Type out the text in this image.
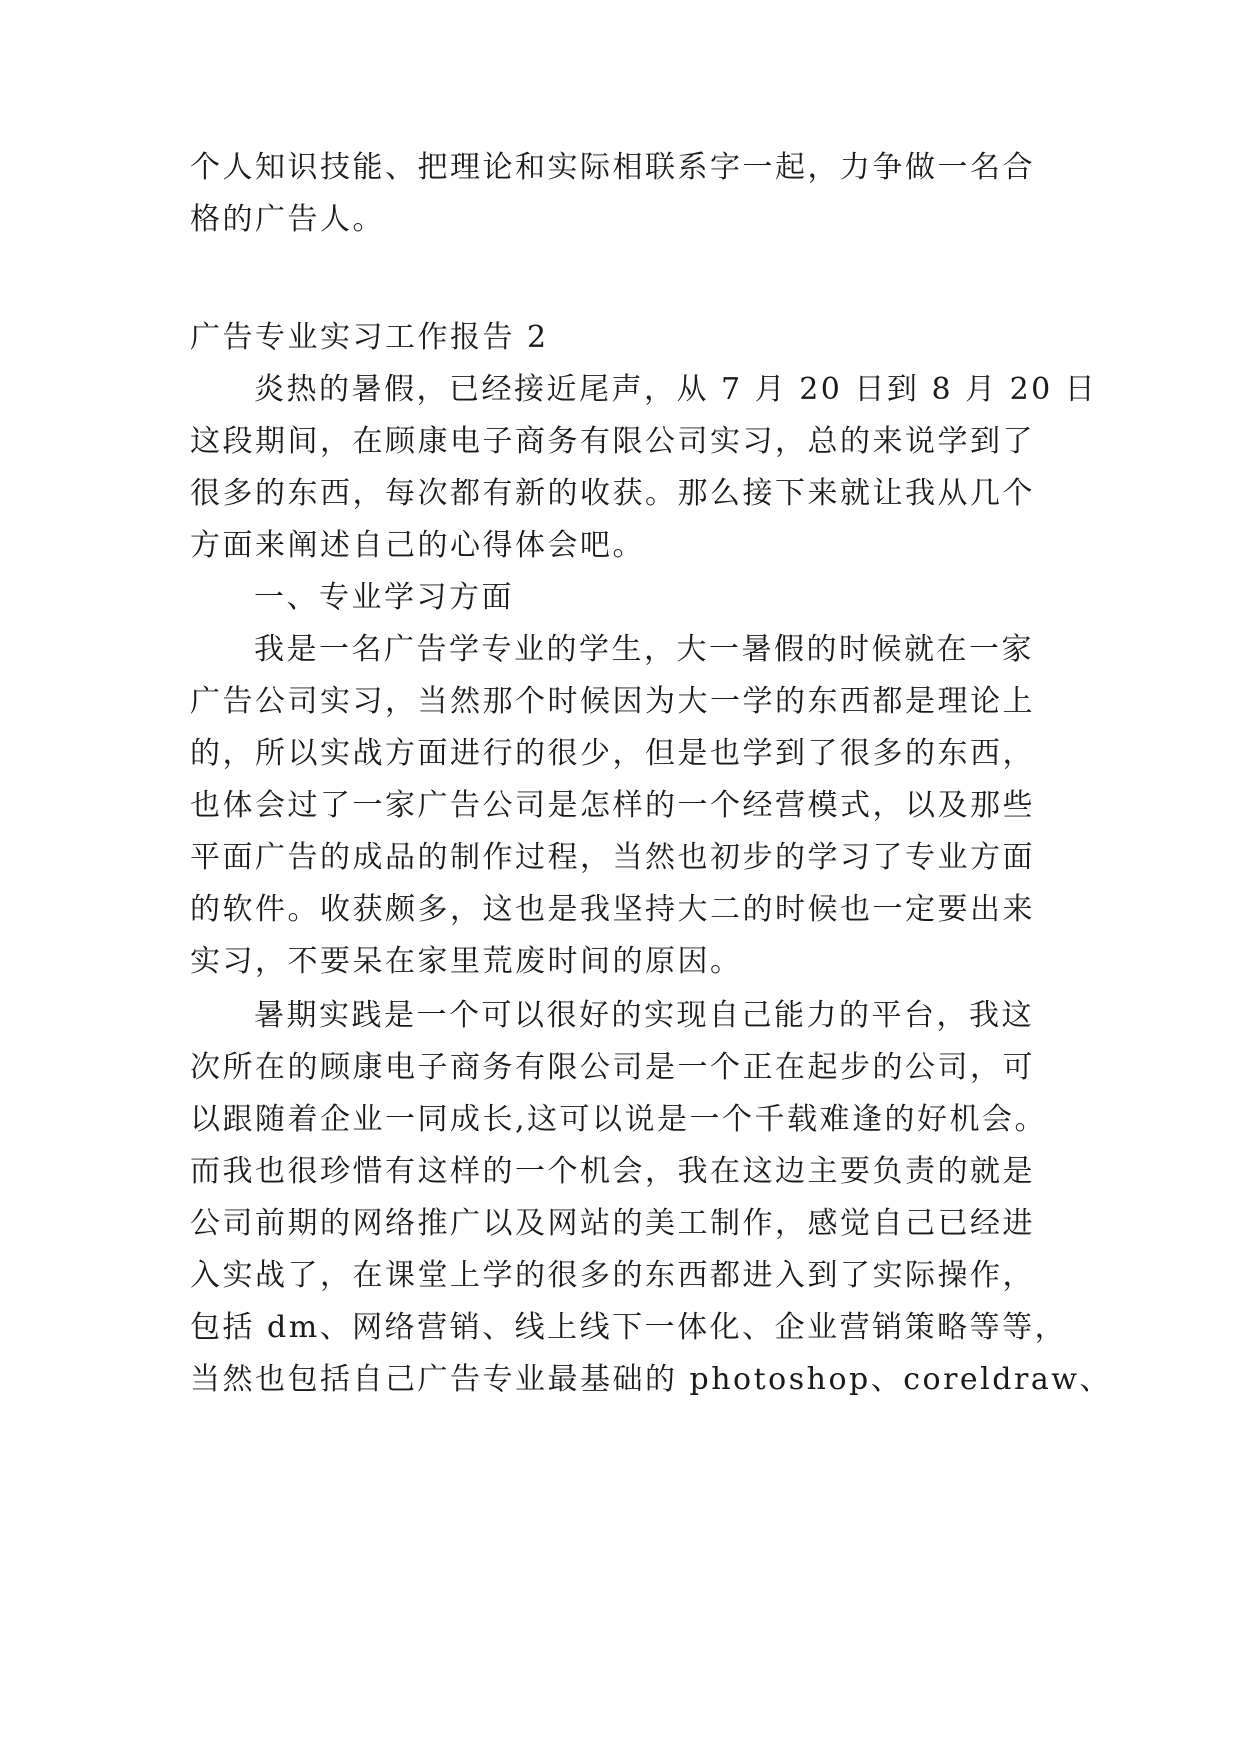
个人知识技能、把理论和实际相联系字一起，力争做一名合

格的广告人。

广告专业实习工作报告 2

炎热的暑假，已经接近尾声，从 7 月 20 日到 8 月 20 日

这段期间，在顾康电子商务有限公司实习，总的来说学到了

很多的东西，每次都有新的收获。那么接下来就让我从几个

方面来阐述自己的心得体会吧。

一、专业学习方面

我是一名广告学专业的学生，大一暑假的时候就在一家

广告公司实习，当然那个时候因为大一学的东西都是理论上

的，所以实战方面进行的很少，但是也学到了很多的东西，

也体会过了一家广告公司是怎样的一个经营模式，以及那些

平面广告的成品的制作过程，当然也初步的学习了专业方面

的软件。收获颇多，这也是我坚持大二的时候也一定要出来

实习，不要呆在家里荒废时间的原因。

暑期实践是一个可以很好的实现自己能力的平台，我这

次所在的顾康电子商务有限公司是一个正在起步的公司，可

以跟随着企业一同成长,这可以说是一个千载难逢的好机会。

而我也很珍惜有这样的一个机会，我在这边主要负责的就是

公司前期的网络推广以及网站的美工制作，感觉自己已经进

入实战了，在课堂上学的很多的东西都进入到了实际操作，

包括 dm、网络营销、线上线下一体化、企业营销策略等等，

当然也包括自己广告专业最基础的 photoshop、coreldraw、
